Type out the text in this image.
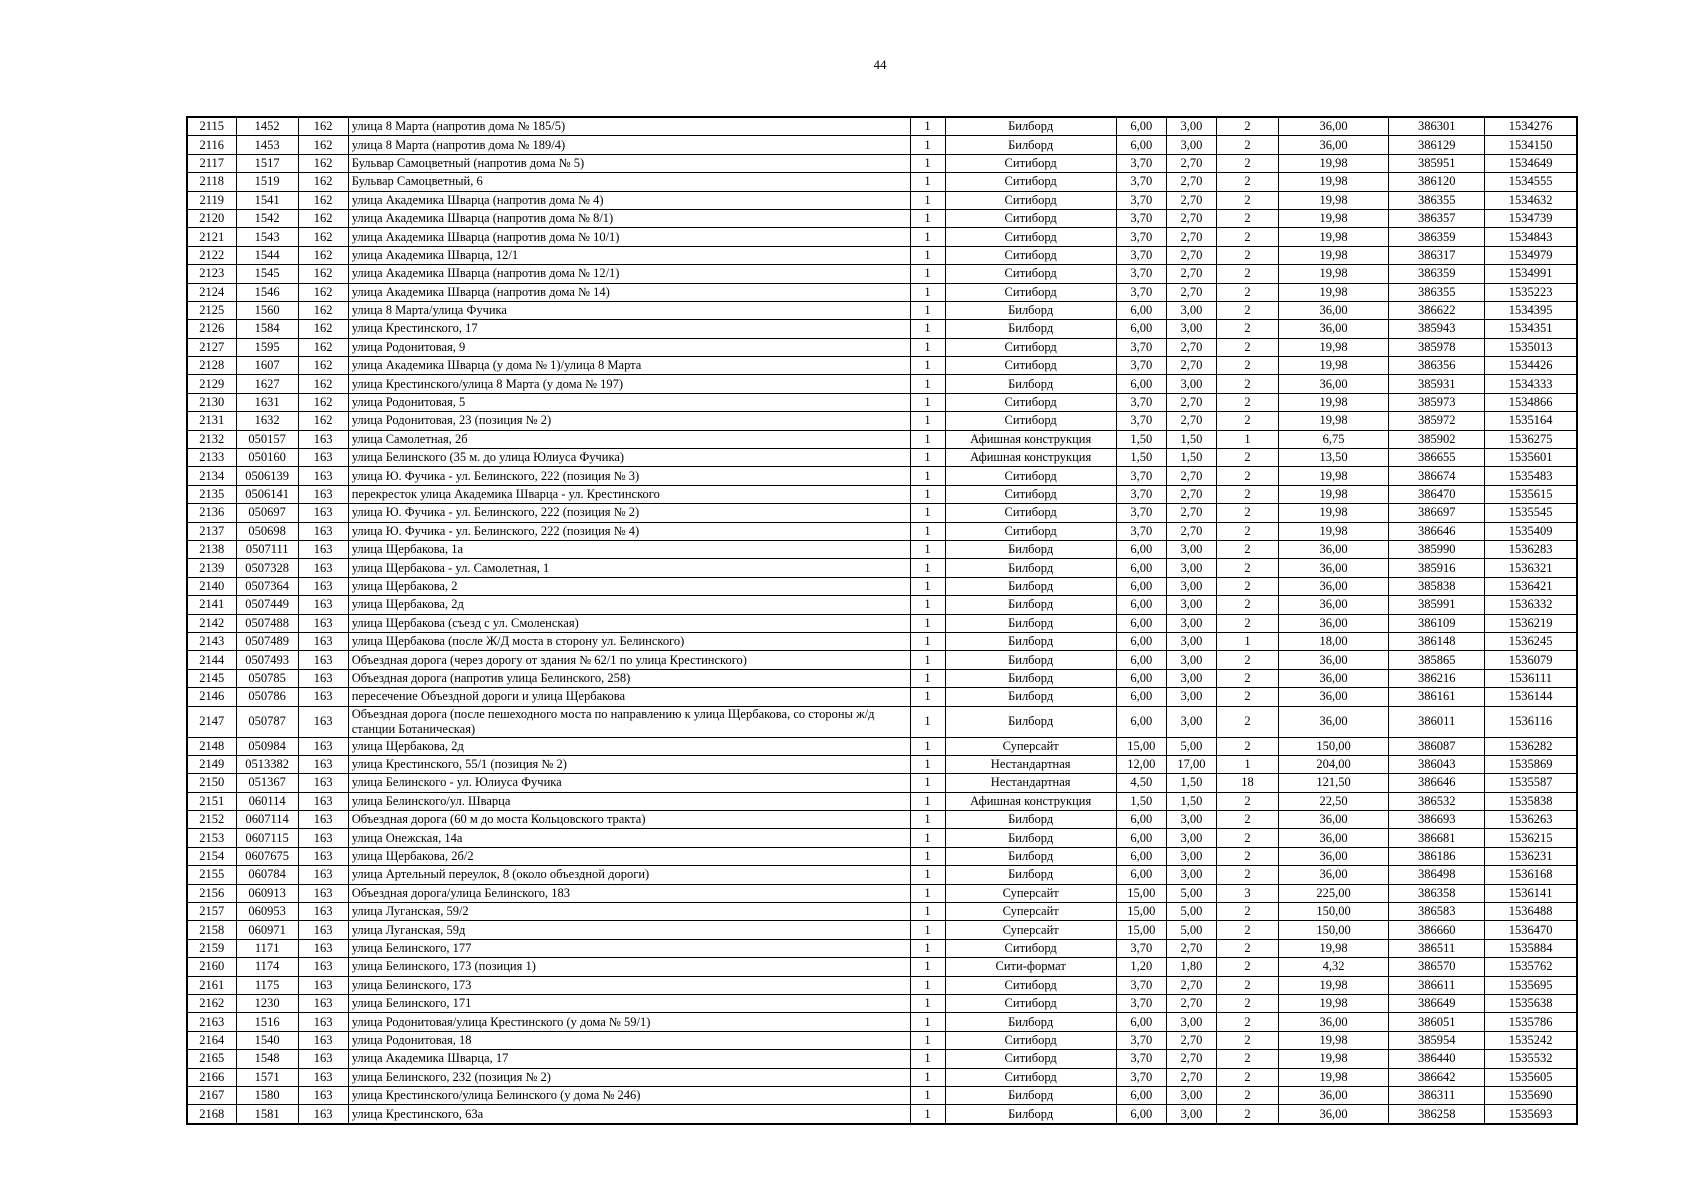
44
2115	1452	162	улица 8 Марта (напротив дома № 185/5)	1	Билборд	6,00	3,00	2	36,00	386301	1534276
2116	1453	162	улица 8 Марта (напротив дома № 189/4)	1	Билборд	6,00	3,00	2	36,00	386129	1534150
2117	1517	162	Бульвар Самоцветный (напротив дома № 5)	1	Ситиборд	3,70	2,70	2	19,98	385951	1534649
2118	1519	162	Бульвар Самоцветный, 6	1	Ситиборд	3,70	2,70	2	19,98	386120	1534555
2119	1541	162	улица Академика Шварца (напротив дома № 4)	1	Ситиборд	3,70	2,70	2	19,98	386355	1534632
2120	1542	162	улица Академика Шварца (напротив дома № 8/1)	1	Ситиборд	3,70	2,70	2	19,98	386357	1534739
2121	1543	162	улица Академика Шварца (напротив дома № 10/1)	1	Ситиборд	3,70	2,70	2	19,98	386359	1534843
2122	1544	162	улица Академика Шварца, 12/1	1	Ситиборд	3,70	2,70	2	19,98	386317	1534979
2123	1545	162	улица Академика Шварца (напротив дома № 12/1)	1	Ситиборд	3,70	2,70	2	19,98	386359	1534991
2124	1546	162	улица Академика Шварца (напротив дома № 14)	1	Ситиборд	3,70	2,70	2	19,98	386355	1535223
2125	1560	162	улица 8 Марта/улица Фучика	1	Билборд	6,00	3,00	2	36,00	386622	1534395
2126	1584	162	улица Крестинского, 17	1	Билборд	6,00	3,00	2	36,00	385943	1534351
2127	1595	162	улица Родонитовая, 9	1	Ситиборд	3,70	2,70	2	19,98	385978	1535013
2128	1607	162	улица Академика Шварца (у дома № 1)/улица 8 Марта	1	Ситиборд	3,70	2,70	2	19,98	386356	1534426
2129	1627	162	улица Крестинского/улица 8 Марта (у дома № 197)	1	Билборд	6,00	3,00	2	36,00	385931	1534333
2130	1631	162	улица Родонитовая, 5	1	Ситиборд	3,70	2,70	2	19,98	385973	1534866
2131	1632	162	улица Родонитовая, 23 (позиция № 2)	1	Ситиборд	3,70	2,70	2	19,98	385972	1535164
2132	050157	163	улица Самолетная, 2б	1	Афишная конструкция	1,50	1,50	1	6,75	385902	1536275
2133	050160	163	улица Белинского (35 м. до улица Юлиуса Фучика)	1	Афишная конструкция	1,50	1,50	2	13,50	386655	1535601
2134	0506139	163	улица Ю. Фучика - ул. Белинского, 222 (позиция № 3)	1	Ситиборд	3,70	2,70	2	19,98	386674	1535483
2135	0506141	163	перекресток улица Академика Шварца - ул. Крестинского	1	Ситиборд	3,70	2,70	2	19,98	386470	1535615
2136	050697	163	улица Ю. Фучика - ул. Белинского, 222 (позиция № 2)	1	Ситиборд	3,70	2,70	2	19,98	386697	1535545
2137	050698	163	улица Ю. Фучика - ул. Белинского, 222 (позиция № 4)	1	Ситиборд	3,70	2,70	2	19,98	386646	1535409
2138	0507111	163	улица Щербакова, 1а	1	Билборд	6,00	3,00	2	36,00	385990	1536283
2139	0507328	163	улица Щербакова - ул. Самолетная, 1	1	Билборд	6,00	3,00	2	36,00	385916	1536321
2140	0507364	163	улица Щербакова, 2	1	Билборд	6,00	3,00	2	36,00	385838	1536421
2141	0507449	163	улица Щербакова, 2д	1	Билборд	6,00	3,00	2	36,00	385991	1536332
2142	0507488	163	улица Щербакова (съезд с ул. Смоленская)	1	Билборд	6,00	3,00	2	36,00	386109	1536219
2143	0507489	163	улица Щербакова (после Ж/Д моста в сторону ул. Белинского)	1	Билборд	6,00	3,00	1	18,00	386148	1536245
2144	0507493	163	Объездная дорога (через дорогу от здания № 62/1 по улица Крестинского)	1	Билборд	6,00	3,00	2	36,00	385865	1536079
2145	050785	163	Объездная дорога (напротив улица Белинского, 258)	1	Билборд	6,00	3,00	2	36,00	386216	1536111
2146	050786	163	пересечение Объездной дороги и улица Щербакова	1	Билборд	6,00	3,00	2	36,00	386161	1536144
2147	050787	163	Объездная дорога (после пешеходного моста по направлению к улица Щербакова, со стороны ж/д станции Ботаническая)	1	Билборд	6,00	3,00	2	36,00	386011	1536116
2148	050984	163	улица Щербакова, 2д	1	Суперсайт	15,00	5,00	2	150,00	386087	1536282
2149	0513382	163	улица Крестинского, 55/1 (позиция № 2)	1	Нестандартная	12,00	17,00	1	204,00	386043	1535869
2150	051367	163	улица Белинского - ул. Юлиуса Фучика	1	Нестандартная	4,50	1,50	18	121,50	386646	1535587
2151	060114	163	улица Белинского/ул. Шварца	1	Афишная конструкция	1,50	1,50	2	22,50	386532	1535838
2152	0607114	163	Объездная дорога (60 м до моста Кольцовского тракта)	1	Билборд	6,00	3,00	2	36,00	386693	1536263
2153	0607115	163	улица Онежская, 14а	1	Билборд	6,00	3,00	2	36,00	386681	1536215
2154	0607675	163	улица Щербакова, 2б/2	1	Билборд	6,00	3,00	2	36,00	386186	1536231
2155	060784	163	улица Артельный переулок, 8 (около объездной дороги)	1	Билборд	6,00	3,00	2	36,00	386498	1536168
2156	060913	163	Объездная дорога/улица Белинского, 183	1	Суперсайт	15,00	5,00	3	225,00	386358	1536141
2157	060953	163	улица Луганская, 59/2	1	Суперсайт	15,00	5,00	2	150,00	386583	1536488
2158	060971	163	улица Луганская, 59д	1	Суперсайт	15,00	5,00	2	150,00	386660	1536470
2159	1171	163	улица Белинского, 177	1	Ситиборд	3,70	2,70	2	19,98	386511	1535884
2160	1174	163	улица Белинского, 173 (позиция 1)	1	Сити-формат	1,20	1,80	2	4,32	386570	1535762
2161	1175	163	улица Белинского, 173	1	Ситиборд	3,70	2,70	2	19,98	386611	1535695
2162	1230	163	улица Белинского, 171	1	Ситиборд	3,70	2,70	2	19,98	386649	1535638
2163	1516	163	улица Родонитовая/улица Крестинского (у дома № 59/1)	1	Билборд	6,00	3,00	2	36,00	386051	1535786
2164	1540	163	улица Родонитовая, 18	1	Ситиборд	3,70	2,70	2	19,98	385954	1535242
2165	1548	163	улица Академика Шварца, 17	1	Ситиборд	3,70	2,70	2	19,98	386440	1535532
2166	1571	163	улица Белинского, 232 (позиция № 2)	1	Ситиборд	3,70	2,70	2	19,98	386642	1535605
2167	1580	163	улица Крестинского/улица Белинского (у дома № 246)	1	Билборд	6,00	3,00	2	36,00	386311	1535690
2168	1581	163	улица Крестинского, 63а	1	Билборд	6,00	3,00	2	36,00	386258	1535693
